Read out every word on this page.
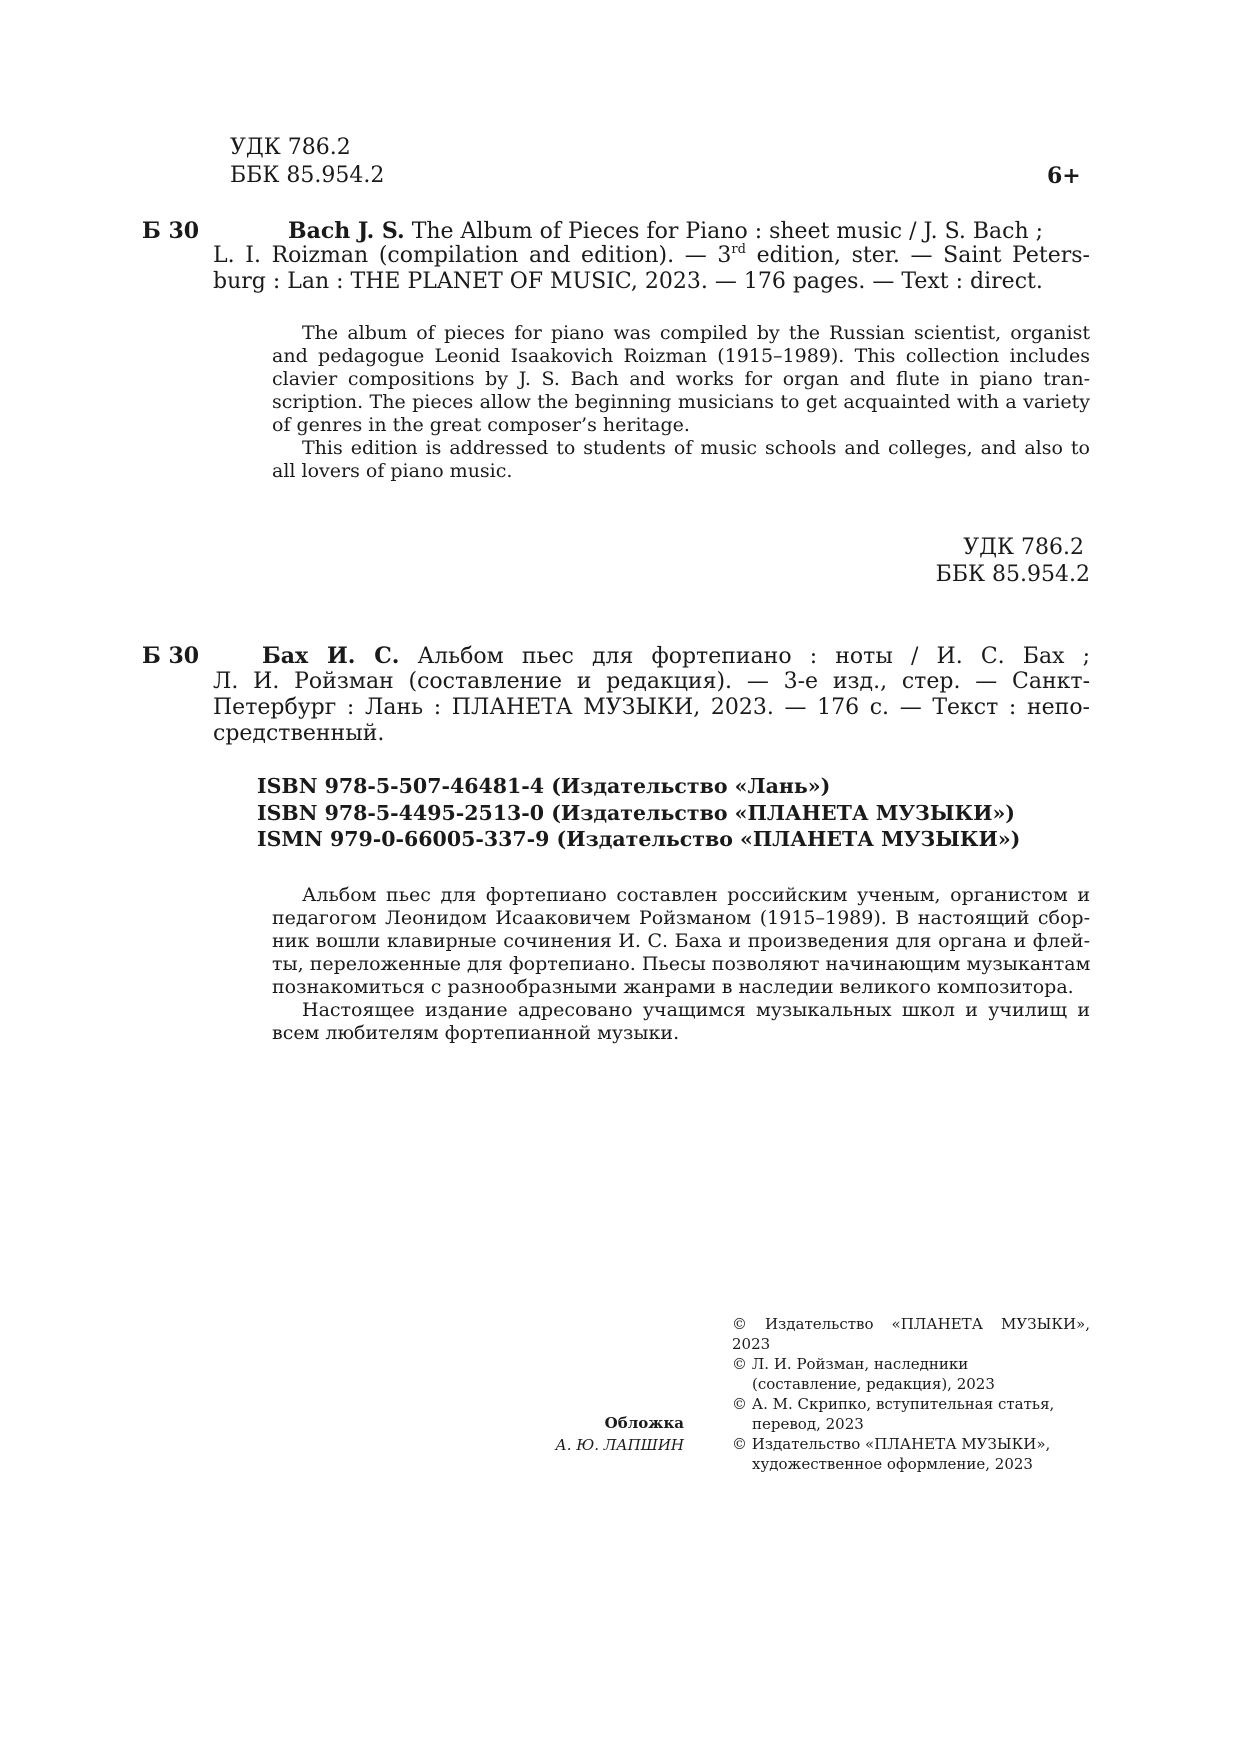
УДК 786.2
ББК 85.954.2	6+
Б 30	Bach J. S. The Album of Pieces for Piano : sheet music / J. S. Bach ;
L. I. Roizman (compilation and edition). — 3rd edition, ster. — Saint Peters-
burg : Lan : THE PLANET OF MUSIC, 2023. — 176 pages. — Text : direct.
The album of pieces for piano was compiled by the Russian scientist, organist
and pedagogue Leonid Isaakovich Roizman (1915–1989). This collection includes
clavier compositions by J. S. Bach and works for organ and flute in piano tran-
scription. The pieces allow the beginning musicians to get acquainted with a variety
of genres in the great composer’s heritage.
This edition is addressed to students of music schools and colleges, and also to
all lovers of piano music.
УДК 786.2
ББК 85.954.2
Б 30	Бах И. С. Альбом пьес для фортепиано : ноты / И. С. Бах ;
Л. И. Ройзман (составление и редакция). — 3-е изд., стер. — Санкт-
Петербург : Лань : ПЛАНЕТА МУЗЫКИ, 2023. — 176 с. — Текст : непо-
средственный.
ISBN 978-5-507-46481-4 (Издательство «Лань»)
ISBN 978-5-4495-2513-0 (Издательство «ПЛАНЕТА МУЗЫКИ»)
ISMN 979-0-66005-337-9 (Издательство «ПЛАНЕТА МУЗЫКИ»)
Альбом пьес для фортепиано составлен российским ученым, органистом и
педагогом Леонидом Исааковичем Ройзманом (1915–1989). В настоящий сбор-
ник вошли клавирные сочинения И. С. Баха и произведения для органа и флей-
ты, переложенные для фортепиано. Пьесы позволяют начинающим музыкантам
познакомиться с разнообразными жанрами в наследии великого композитора.
Настоящее издание адресовано учащимся музыкальных школ и училищ и
всем любителям фортепианной музыки.
Обложка
А. Ю. ЛАПШИН
© Издательство «ПЛАНЕТА МУЗЫКИ»,
2023
© Л. И. Ройзман, наследники
(составление, редакция), 2023
© А. М. Скрипко, вступительная статья,
перевод, 2023
© Издательство «ПЛАНЕТА МУЗЫКИ»,
художественное оформление, 2023
